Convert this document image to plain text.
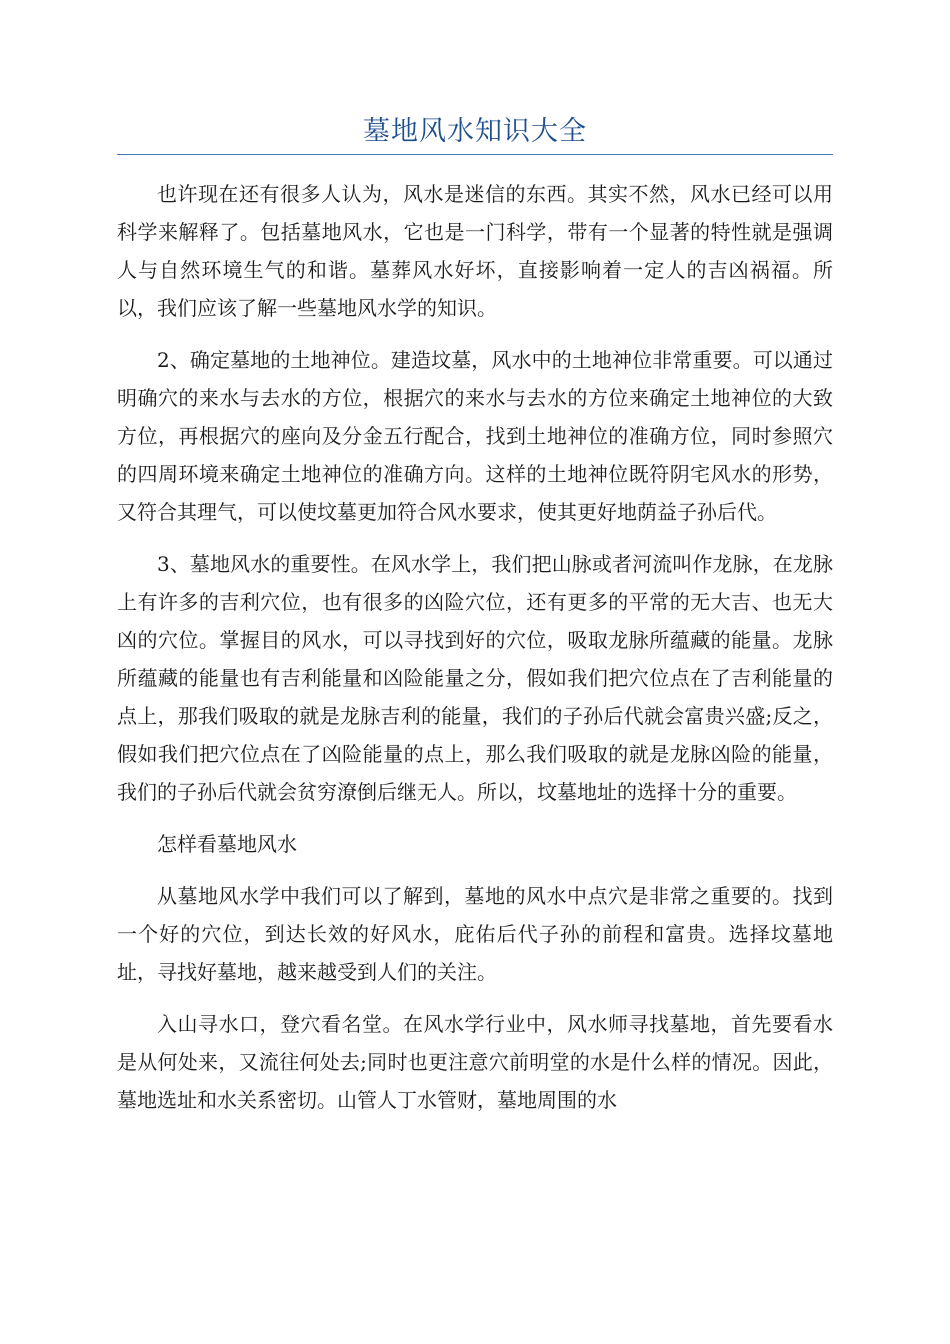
墓地风水知识大全

也许现在还有很多人认为，风水是迷信的东西。其实不然，风水已经可以用科学来解释了。包括墓地风水，它也是一门科学，带有一个显著的特性就是强调人与自然环境生气的和谐。墓葬风水好坏，直接影响着一定人的吉凶祸福。所以，我们应该了解一些墓地风水学的知识。

2、确定墓地的土地神位。建造坟墓，风水中的土地神位非常重要。可以通过明确穴的来水与去水的方位，根据穴的来水与去水的方位来确定土地神位的大致方位，再根据穴的座向及分金五行配合，找到土地神位的准确方位，同时参照穴的四周环境来确定土地神位的准确方向。这样的土地神位既符阴宅风水的形势，又符合其理气，可以使坟墓更加符合风水要求，使其更好地荫益子孙后代。

3、墓地风水的重要性。在风水学上，我们把山脉或者河流叫作龙脉，在龙脉上有许多的吉利穴位，也有很多的凶险穴位，还有更多的平常的无大吉、也无大凶的穴位。掌握目的风水，可以寻找到好的穴位，吸取龙脉所蕴藏的能量。龙脉所蕴藏的能量也有吉利能量和凶险能量之分，假如我们把穴位点在了吉利能量的点上，那我们吸取的就是龙脉吉利的能量，我们的子孙后代就会富贵兴盛;反之，假如我们把穴位点在了凶险能量的点上，那么我们吸取的就是龙脉凶险的能量，我们的子孙后代就会贫穷潦倒后继无人。所以，坟墓地址的选择十分的重要。

怎样看墓地风水

从墓地风水学中我们可以了解到，墓地的风水中点穴是非常之重要的。找到一个好的穴位，到达长效的好风水，庇佑后代子孙的前程和富贵。选择坟墓地址，寻找好墓地，越来越受到人们的关注。

入山寻水口，登穴看名堂。在风水学行业中，风水师寻找墓地，首先要看水是从何处来，又流往何处去;同时也更注意穴前明堂的水是什么样的情况。因此，墓地选址和水关系密切。山管人丁水管财，墓地周围的水
